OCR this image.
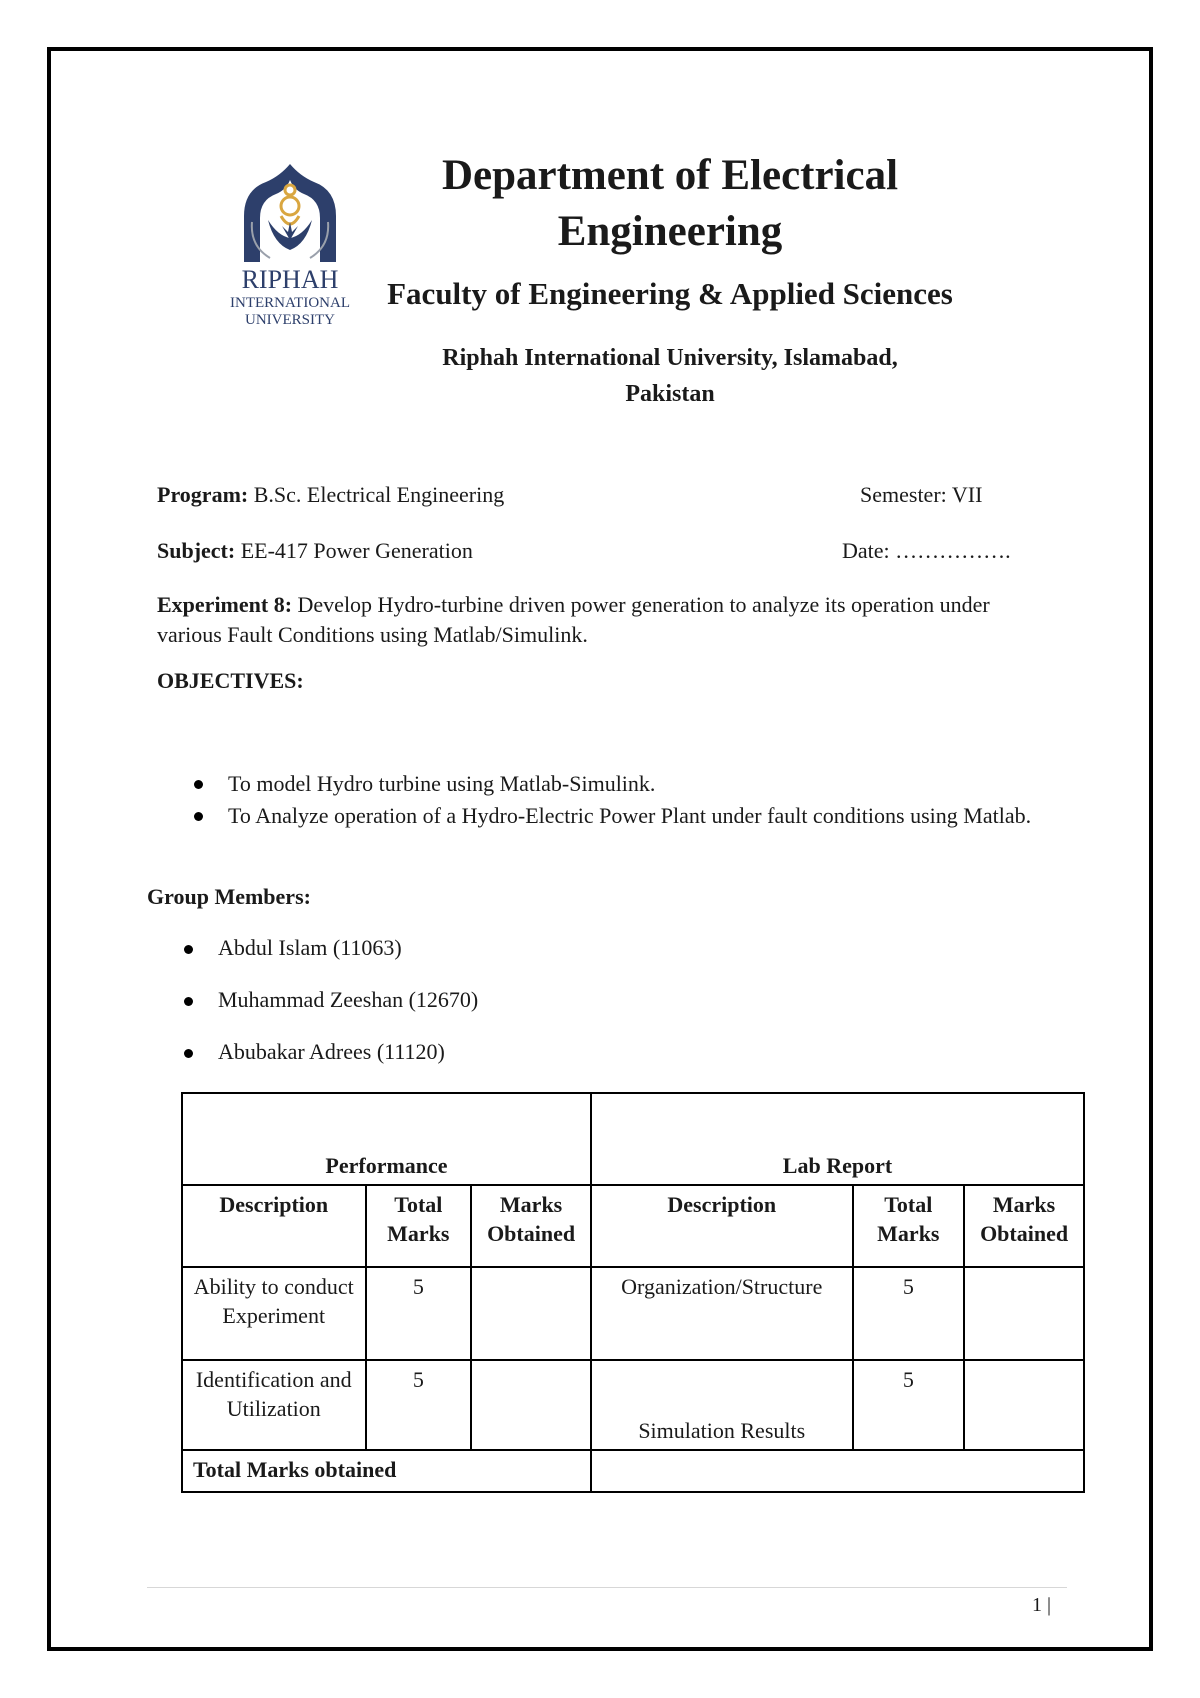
RIPHAH
INTERNATIONAL
UNIVERSITY
Department of Electrical
Engineering
Faculty of Engineering & Applied Sciences
Riphah International University, Islamabad,
Pakistan
Program: B.Sc. Electrical Engineering	Semester: VII
Subject: EE-417 Power Generation	Date: …………….
Experiment 8: Develop Hydro-turbine driven power generation to analyze its operation under various Fault Conditions using Matlab/Simulink.
OBJECTIVES:
To model Hydro turbine using Matlab-Simulink.
To Analyze operation of a Hydro-Electric Power Plant under fault conditions using Matlab.
Group Members:
Abdul Islam (11063)
Muhammad Zeeshan (12670)
Abubakar Adrees (11120)
Performance			Lab Report		
Description	Total Marks	Marks Obtained	Description	Total Marks	Marks Obtained
Ability to conduct Experiment	5		Organization/Structure	5	
Identification and Utilization	5		Simulation Results	5	
Total Marks obtained					
1 |
